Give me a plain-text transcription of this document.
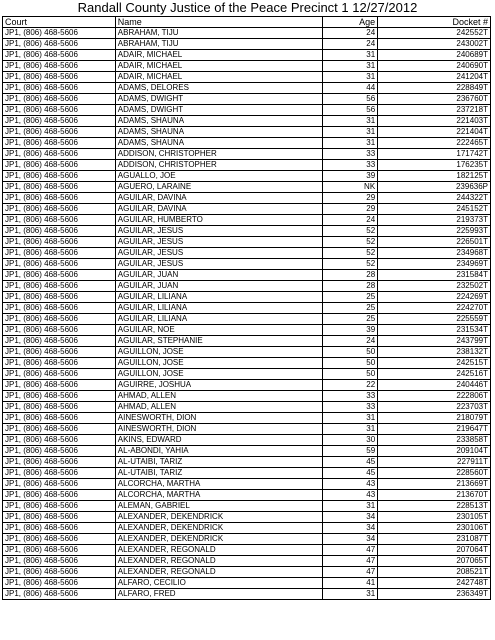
Randall County Justice of the Peace Precinct 1 12/27/2012
Court	Name	Age	Docket #
JP1, (806) 468-5606	ABRAHAM, TIJU	24	242552T
JP1, (806) 468-5606	ABRAHAM, TIJU	24	243002T
JP1, (806) 468-5606	ADAIR, MICHAEL	31	240689T
JP1, (806) 468-5606	ADAIR, MICHAEL	31	240690T
JP1, (806) 468-5606	ADAIR, MICHAEL	31	241204T
JP1, (806) 468-5606	ADAMS, DELORES	44	228849T
JP1, (806) 468-5606	ADAMS, DWIGHT	56	236760T
JP1, (806) 468-5606	ADAMS, DWIGHT	56	237218T
JP1, (806) 468-5606	ADAMS, SHAUNA	31	221403T
JP1, (806) 468-5606	ADAMS, SHAUNA	31	221404T
JP1, (806) 468-5606	ADAMS, SHAUNA	31	222465T
JP1, (806) 468-5606	ADDISON, CHRISTOPHER	33	171742T
JP1, (806) 468-5606	ADDISON, CHRISTOPHER	33	176235T
JP1, (806) 468-5606	AGUALLO, JOE	39	182125T
JP1, (806) 468-5606	AGUERO, LARAINE	NK	239636P
JP1, (806) 468-5606	AGUILAR, DAVINA	29	244322T
JP1, (806) 468-5606	AGUILAR, DAVINA	29	245152T
JP1, (806) 468-5606	AGUILAR, HUMBERTO	24	219373T
JP1, (806) 468-5606	AGUILAR, JESUS	52	225993T
JP1, (806) 468-5606	AGUILAR, JESUS	52	226501T
JP1, (806) 468-5606	AGUILAR, JESUS	52	234968T
JP1, (806) 468-5606	AGUILAR, JESUS	52	234969T
JP1, (806) 468-5606	AGUILAR, JUAN	28	231584T
JP1, (806) 468-5606	AGUILAR, JUAN	28	232502T
JP1, (806) 468-5606	AGUILAR, LILIANA	25	224269T
JP1, (806) 468-5606	AGUILAR, LILIANA	25	224270T
JP1, (806) 468-5606	AGUILAR, LILIANA	25	225559T
JP1, (806) 468-5606	AGUILAR, NOE	39	231534T
JP1, (806) 468-5606	AGUILAR, STEPHANIE	24	243799T
JP1, (806) 468-5606	AGUILLON, JOSE	50	238132T
JP1, (806) 468-5606	AGUILLON, JOSE	50	242515T
JP1, (806) 468-5606	AGUILLON, JOSE	50	242516T
JP1, (806) 468-5606	AGUIRRE, JOSHUA	22	240446T
JP1, (806) 468-5606	AHMAD, ALLEN	33	222806T
JP1, (806) 468-5606	AHMAD, ALLEN	33	223703T
JP1, (806) 468-5606	AINESWORTH, DION	31	218079T
JP1, (806) 468-5606	AINESWORTH, DION	31	219647T
JP1, (806) 468-5606	AKINS, EDWARD	30	233858T
JP1, (806) 468-5606	AL-ABONDI, YAHIA	59	209104T
JP1, (806) 468-5606	AL-UTAIBI, TARIZ	45	227911T
JP1, (806) 468-5606	AL-UTAIBI, TARIZ	45	228560T
JP1, (806) 468-5606	ALCORCHA, MARTHA	43	213669T
JP1, (806) 468-5606	ALCORCHA, MARTHA	43	213670T
JP1, (806) 468-5606	ALEMAN, GABRIEL	31	228513T
JP1, (806) 468-5606	ALEXANDER, DEKENDRICK	34	230105T
JP1, (806) 468-5606	ALEXANDER, DEKENDRICK	34	230106T
JP1, (806) 468-5606	ALEXANDER, DEKENDRICK	34	231087T
JP1, (806) 468-5606	ALEXANDER, REGONALD	47	207064T
JP1, (806) 468-5606	ALEXANDER, REGONALD	47	207065T
JP1, (806) 468-5606	ALEXANDER, REGONALD	47	208521T
JP1, (806) 468-5606	ALFARO, CECILIO	41	242748T
JP1, (806) 468-5606	ALFARO, FRED	31	236349T
